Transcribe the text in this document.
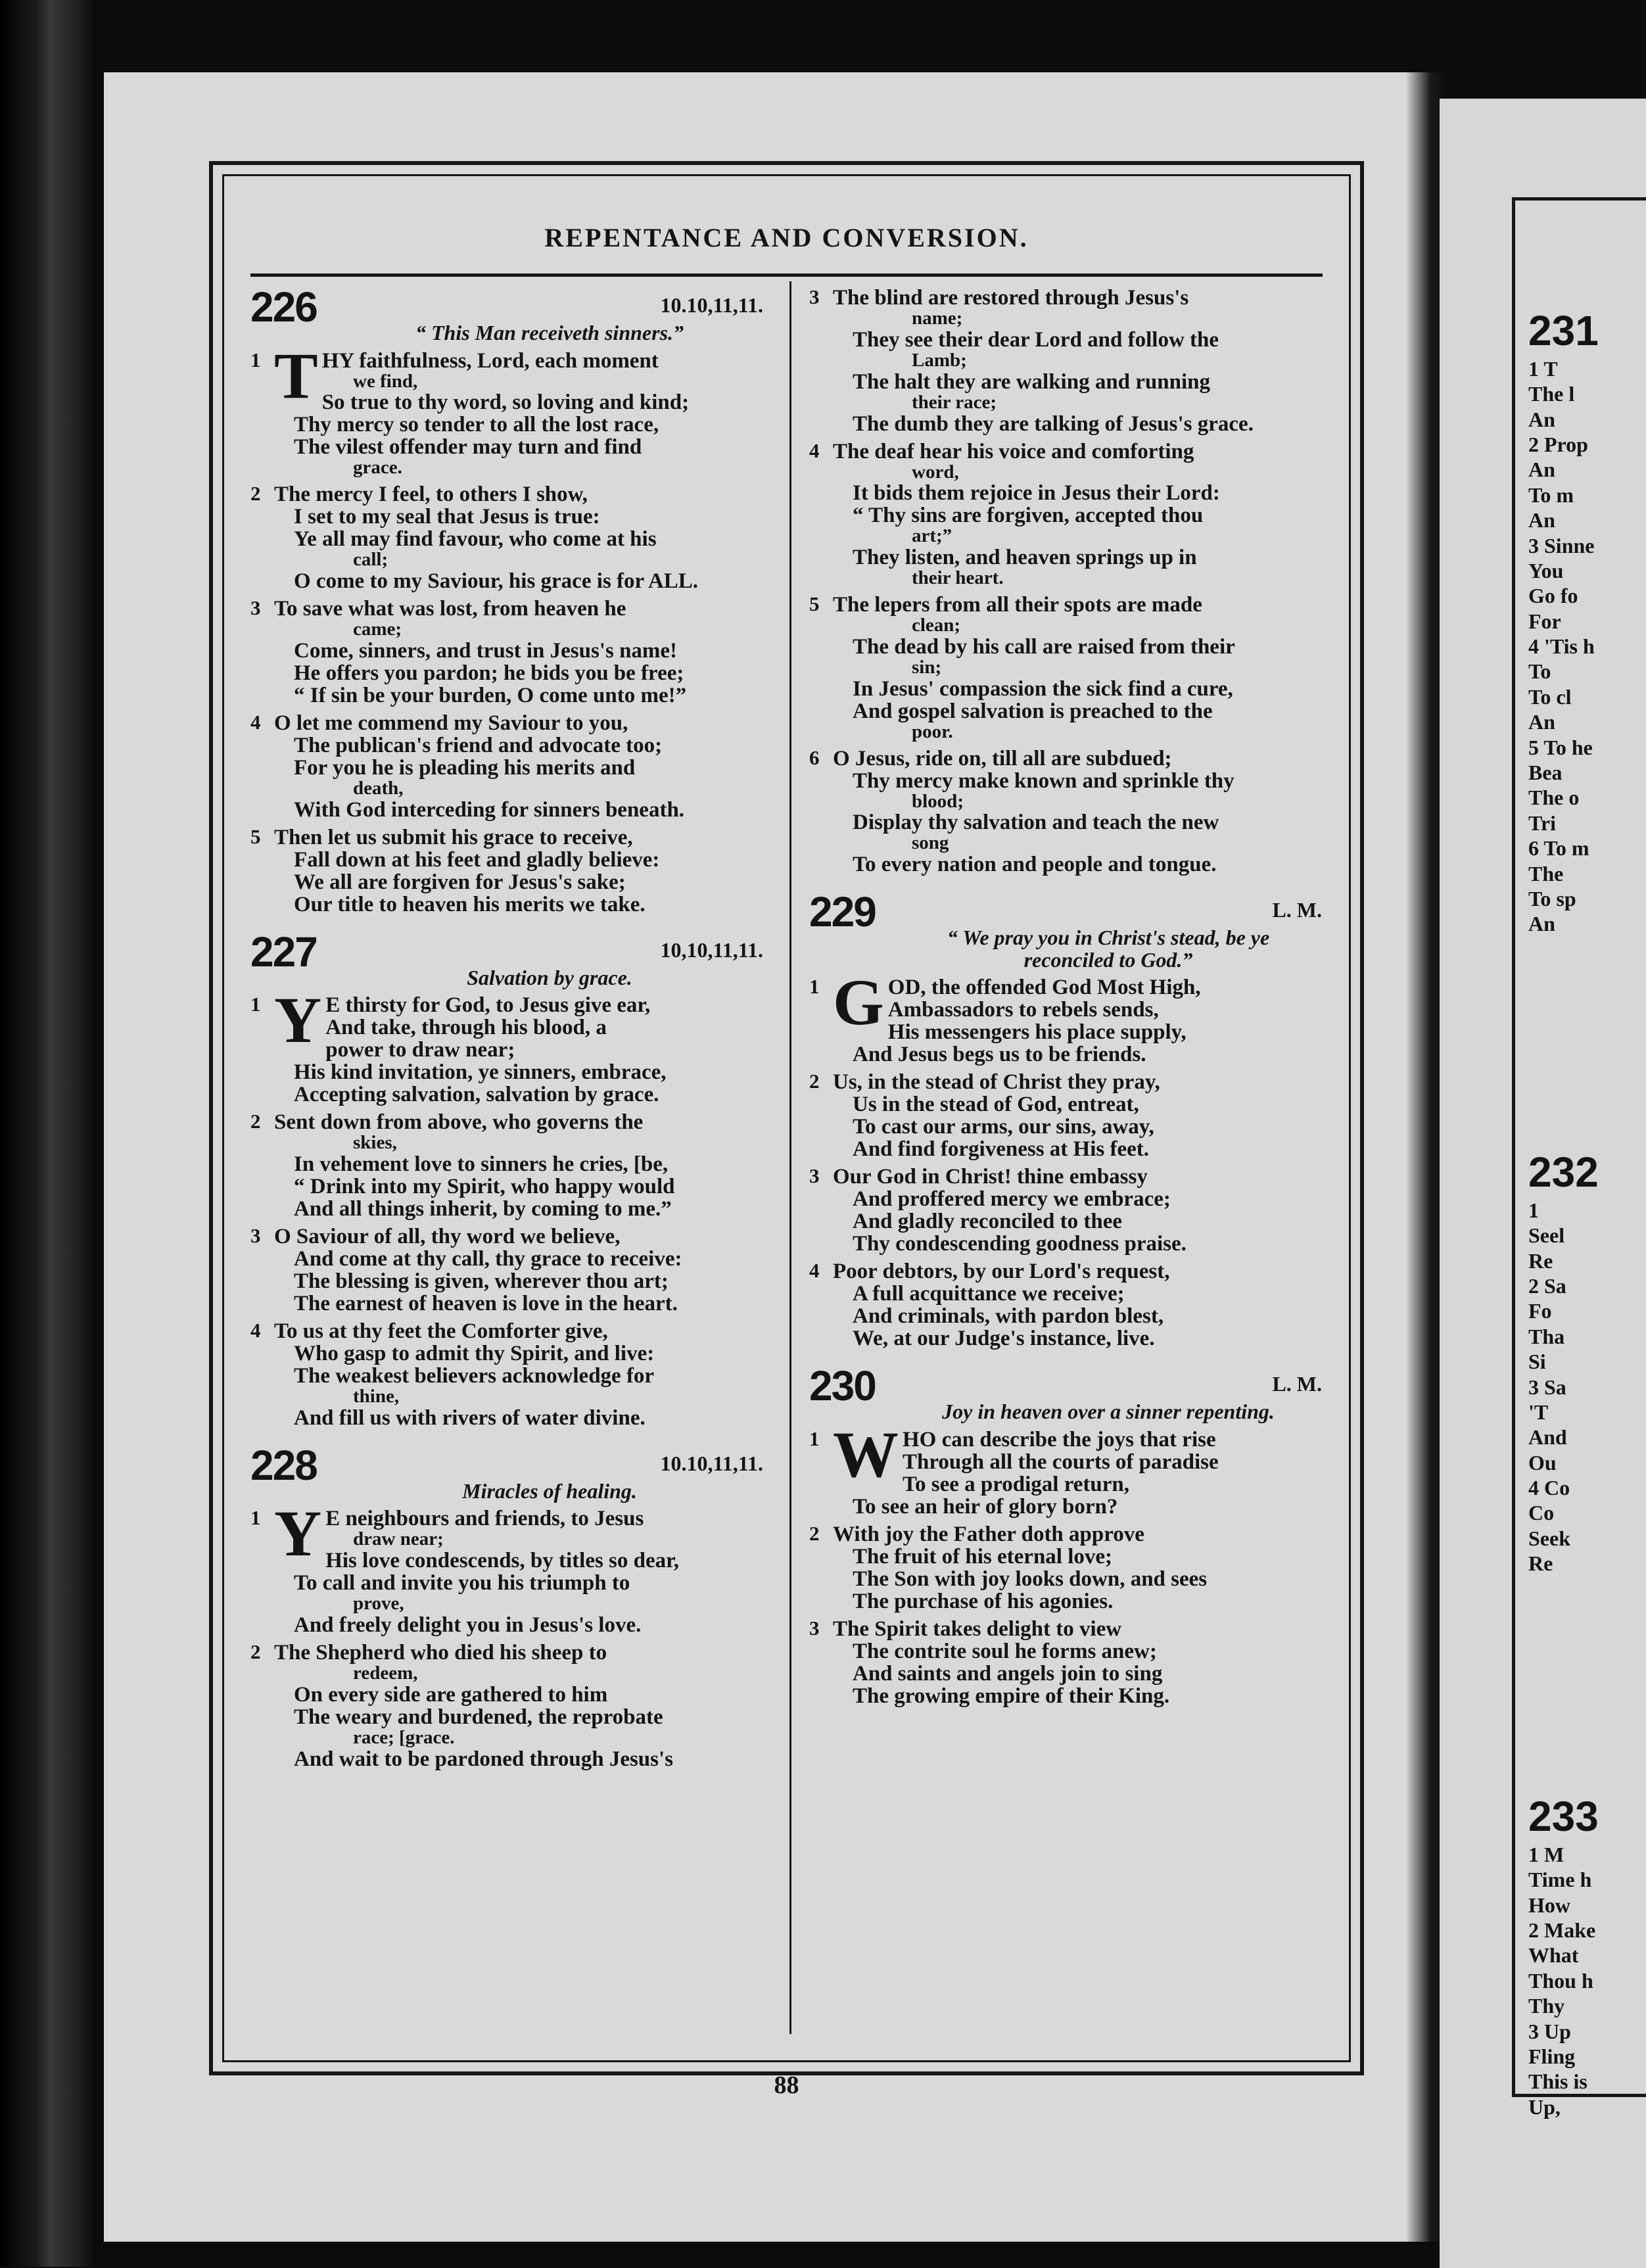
REPENTANCE AND CONVERSION.
226	10.10,11,11.
“ This Man receiveth sinners.”
1 T HY faithfulness, Lord, each moment
we find,
So true to thy word, so loving and kind;
Thy mercy so tender to all the lost race,
The vilest offender may turn and find
grace.
2 The mercy I feel, to others I show,
I set to my seal that Jesus is true:
Ye all may find favour, who come at his
call;
O come to my Saviour, his grace is for ALL.
3 To save what was lost, from heaven he
came;
Come, sinners, and trust in Jesus's name!
He offers you pardon; he bids you be free;
“ If sin be your burden, O come unto me!”
4 O let me commend my Saviour to you,
The publican's friend and advocate too;
For you he is pleading his merits and
death,
With God interceding for sinners beneath.
5 Then let us submit his grace to receive,
Fall down at his feet and gladly believe:
We all are forgiven for Jesus's sake;
Our title to heaven his merits we take.
227	10,10,11,11.
Salvation by grace.
1 Y E thirsty for God, to Jesus give ear,
And take, through his blood, a
power to draw near;
His kind invitation, ye sinners, embrace,
Accepting salvation, salvation by grace.
2 Sent down from above, who governs the
skies,
In vehement love to sinners he cries, [be,
“ Drink into my Spirit, who happy would
And all things inherit, by coming to me.”
3 O Saviour of all, thy word we believe,
And come at thy call, thy grace to receive:
The blessing is given, wherever thou art;
The earnest of heaven is love in the heart.
4 To us at thy feet the Comforter give,
Who gasp to admit thy Spirit, and live:
The weakest believers acknowledge for
thine,
And fill us with rivers of water divine.
228	10.10,11,11.
Miracles of healing.
1 Y E neighbours and friends, to Jesus
draw near;
His love condescends, by titles so dear,
To call and invite you his triumph to
prove,
And freely delight you in Jesus's love.
2 The Shepherd who died his sheep to
redeem,
On every side are gathered to him
The weary and burdened, the reprobate
race; [grace.
And wait to be pardoned through Jesus's
3 The blind are restored through Jesus's
name;
They see their dear Lord and follow the
Lamb;
The halt they are walking and running
their race;
The dumb they are talking of Jesus's grace.
4 The deaf hear his voice and comforting
word,
It bids them rejoice in Jesus their Lord:
“ Thy sins are forgiven, accepted thou
art;”
They listen, and heaven springs up in
their heart.
5 The lepers from all their spots are made
clean;
The dead by his call are raised from their
sin;
In Jesus' compassion the sick find a cure,
And gospel salvation is preached to the
poor.
6 O Jesus, ride on, till all are subdued;
Thy mercy make known and sprinkle thy
blood;
Display thy salvation and teach the new
song
To every nation and people and tongue.
229	L. M.
“ We pray you in Christ's stead, be ye reconciled to God.”
1 G OD, the offended God Most High,
Ambassadors to rebels sends,
His messengers his place supply,
And Jesus begs us to be friends.
2 Us, in the stead of Christ they pray,
Us in the stead of God, entreat,
To cast our arms, our sins, away,
And find forgiveness at His feet.
3 Our God in Christ! thine embassy
And proffered mercy we embrace;
And gladly reconciled to thee
Thy condescending goodness praise.
4 Poor debtors, by our Lord's request,
A full acquittance we receive;
And criminals, with pardon blest,
We, at our Judge's instance, live.
230	L. M.
Joy in heaven over a sinner repenting.
1 W HO can describe the joys that rise
Through all the courts of paradise
To see a prodigal return,
To see an heir of glory born?
2 With joy the Father doth approve
The fruit of his eternal love;
The Son with joy looks down, and sees
The purchase of his agonies.
3 The Spirit takes delight to view
The contrite soul he forms anew;
And saints and angels join to sing
The growing empire of their King.
88
231
1 T
The l
An
2 Prop
An
To m
An
3 Sinne
You
Go fo
For
4 'Tis h
To
To cl
An
5 To he
Bea
The o
Tri
6 To m
The
To sp
An
232
1
Seel
Re
2 Sa
Fo
Tha
Si
3 Sa
'T
And
Ou
4 Co
Co
Seek
Re
233
1 M
Time h
How
2 Make
What
Thou h
Thy
3 Up
Fling
This is
Up,
